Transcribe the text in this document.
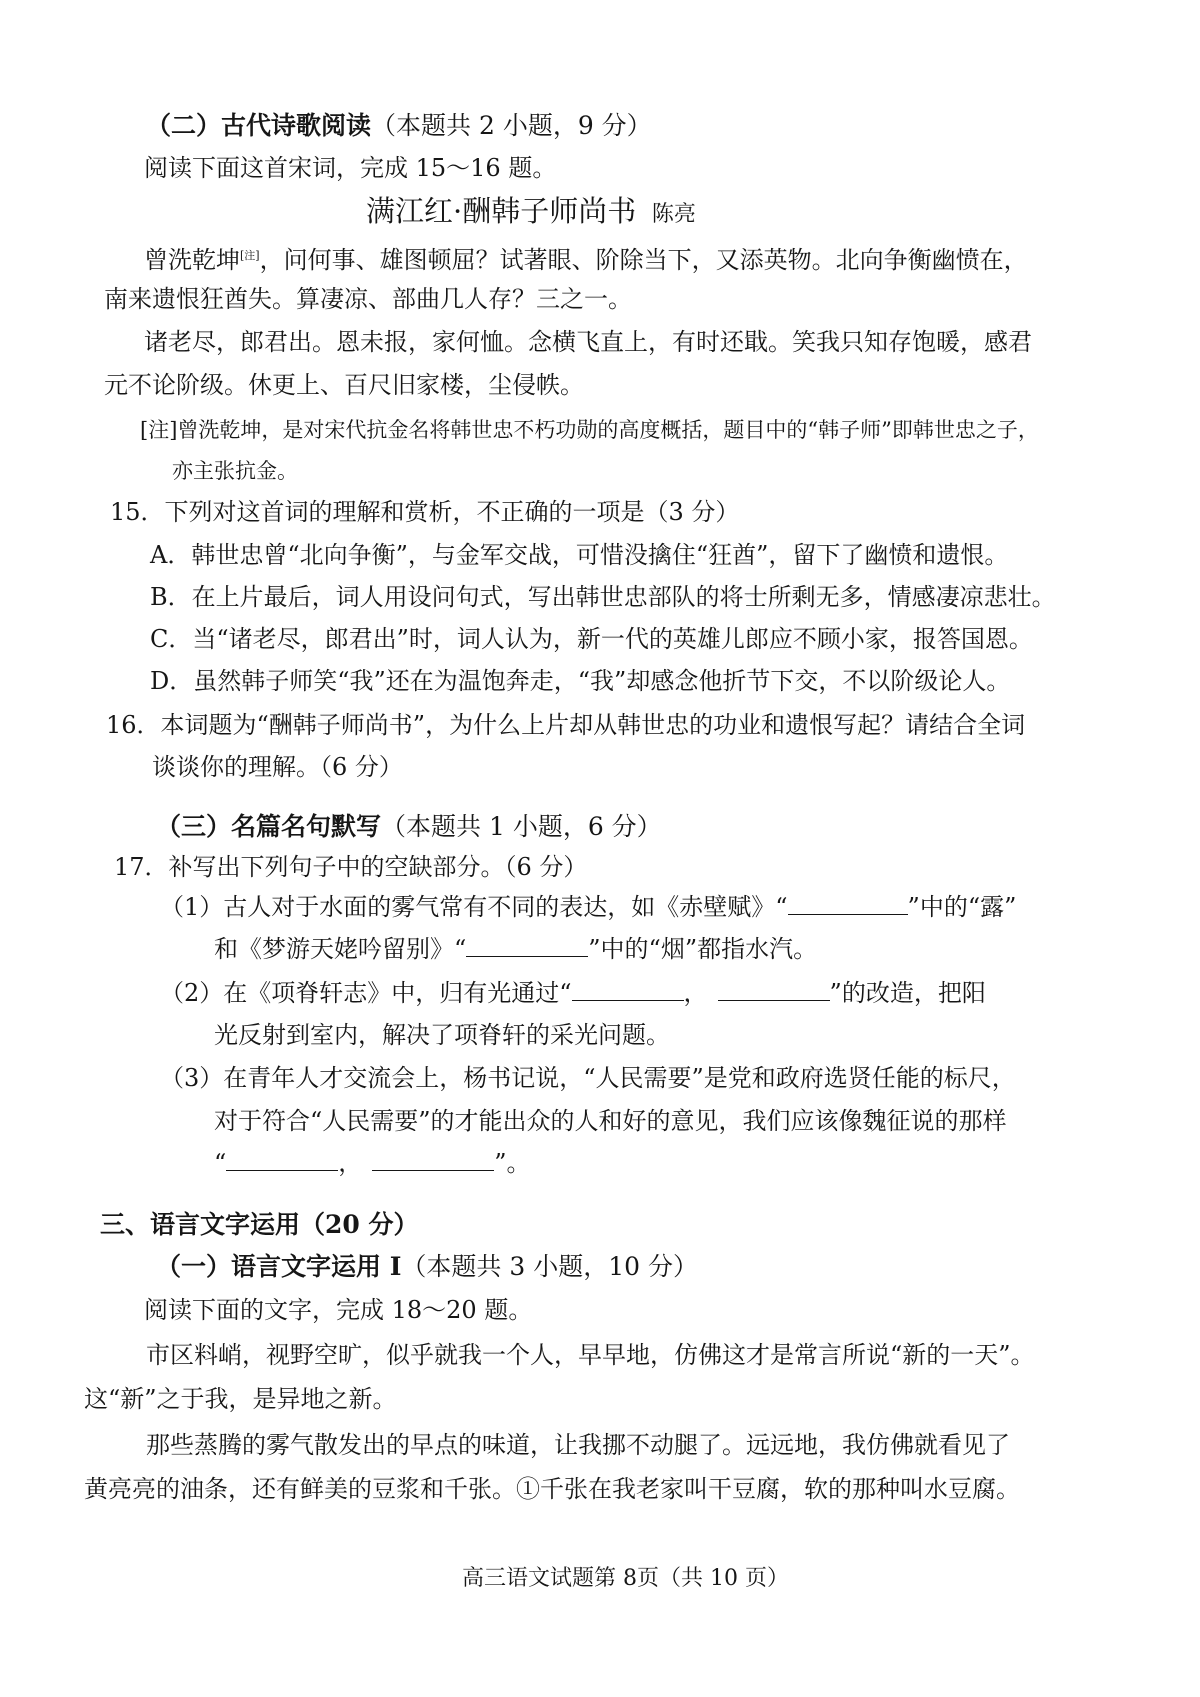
（二）古代诗歌阅读（本题共 2 小题，9 分）
阅读下面这首宋词，完成 15～16 题。
满江红·酬韩子师尚书 陈亮
曾洗乾坤[注]，问何事、雄图顿屈？试著眼、阶除当下，又添英物。北向争衡幽愤在，
南来遗恨狂酋失。算凄凉、部曲几人存？三之一。
诸老尽，郎君出。恩未报，家何恤。念横飞直上，有时还戢。笑我只知存饱暖，感君
元不论阶级。休更上、百尺旧家楼，尘侵帙。
[注]曾洗乾坤，是对宋代抗金名将韩世忠不朽功勋的高度概括，题目中的“韩子师”即韩世忠之子，
亦主张抗金。
15．下列对这首词的理解和赏析，不正确的一项是（3 分）
A．韩世忠曾“北向争衡”，与金军交战，可惜没擒住“狂酋”，留下了幽愤和遗恨。
B．在上片最后，词人用设问句式，写出韩世忠部队的将士所剩无多，情感凄凉悲壮。
C．当“诸老尽，郎君出”时，词人认为，新一代的英雄儿郎应不顾小家，报答国恩。
D．虽然韩子师笑“我”还在为温饱奔走，“我”却感念他折节下交，不以阶级论人。
16．本词题为“酬韩子师尚书”，为什么上片却从韩世忠的功业和遗恨写起？请结合全词
谈谈你的理解。（6 分）
（三）名篇名句默写（本题共 1 小题，6 分）
17．补写出下列句子中的空缺部分。（6 分）
（1）古人对于水面的雾气常有不同的表达，如《赤壁赋》“	”中的“露”
和《梦游天姥吟留别》“	”中的“烟”都指水汽。
（2）在《项脊轩志》中，归有光通过“	，	”的改造，把阳
光反射到室内，解决了项脊轩的采光问题。
（3）在青年人才交流会上，杨书记说，“人民需要”是党和政府选贤任能的标尺，
对于符合“人民需要”的才能出众的人和好的意见，我们应该像魏征说的那样
“	，	”。
三、语言文字运用（20 分）
（一）语言文字运用 I（本题共 3 小题，10 分）
阅读下面的文字，完成 18～20 题。
市区料峭，视野空旷，似乎就我一个人，早早地，仿佛这才是常言所说“新的一天”。
这“新”之于我，是异地之新。
那些蒸腾的雾气散发出的早点的味道，让我挪不动腿了。远远地，我仿佛就看见了
黄亮亮的油条，还有鲜美的豆浆和千张。①千张在我老家叫干豆腐，软的那种叫水豆腐。
高三语文试题第 8页（共 10 页）
